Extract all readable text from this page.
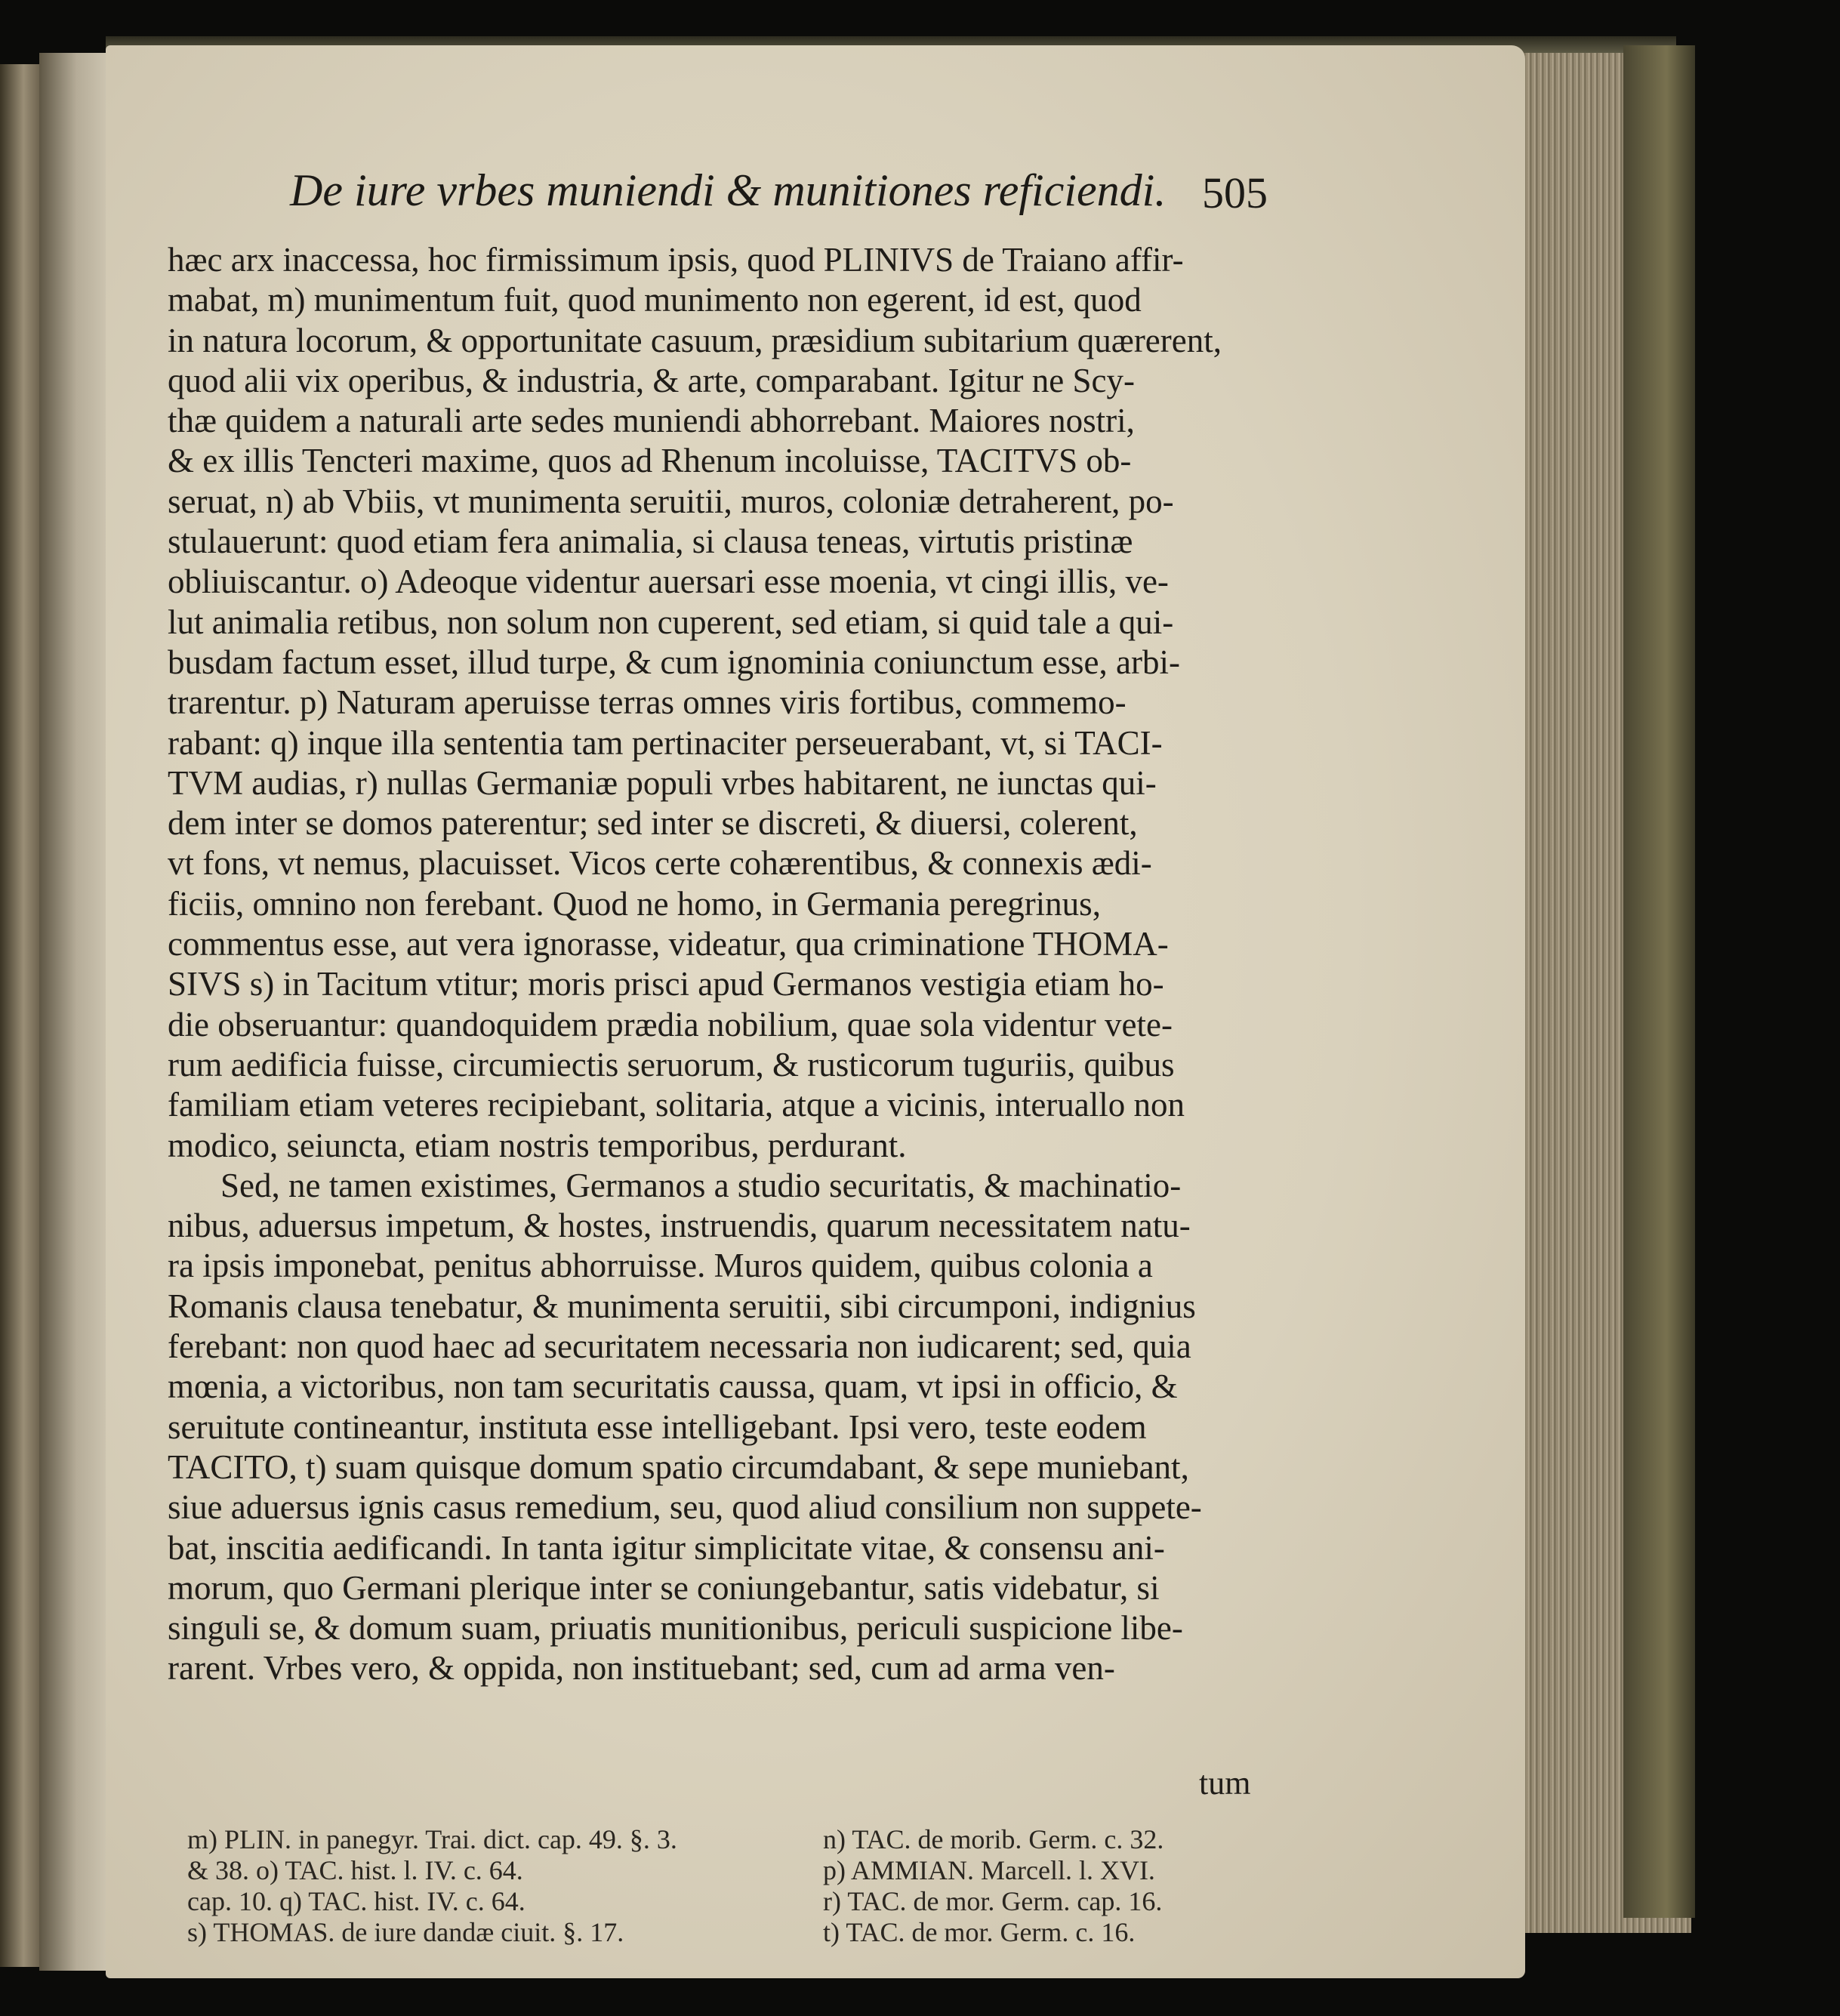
De iure vrbes muniendi & munitiones reficiendi. 505
hæc arx inaccessa, hoc firmissimum ipsis, quod PLINIVS de Traiano affir-
mabat, m) munimentum fuit, quod munimento non egerent, id est, quod
in natura locorum, & opportunitate casuum, præsidium subitarium quærerent,
quod alii vix operibus, & industria, & arte, comparabant. Igitur ne Scy-
thæ quidem a naturali arte sedes muniendi abhorrebant. Maiores nostri,
& ex illis Tencteri maxime, quos ad Rhenum incoluisse, TACITVS ob-
seruat, n) ab Vbiis, vt munimenta seruitii, muros, coloniæ detraherent, po-
stulauerunt: quod etiam fera animalia, si clausa teneas, virtutis pristinæ
obliuiscantur. o) Adeoque videntur auersari esse moenia, vt cingi illis, ve-
lut animalia retibus, non solum non cuperent, sed etiam, si quid tale a qui-
busdam factum esset, illud turpe, & cum ignominia coniunctum esse, arbi-
trarentur. p) Naturam aperuisse terras omnes viris fortibus, commemo-
rabant: q) inque illa sententia tam pertinaciter perseuerabant, vt, si TACI-
TVM audias, r) nullas Germaniæ populi vrbes habitarent, ne iunctas qui-
dem inter se domos paterentur; sed inter se discreti, & diuersi, colerent,
vt fons, vt nemus, placuisset. Vicos certe cohærentibus, & connexis ædi-
ficiis, omnino non ferebant. Quod ne homo, in Germania peregrinus,
commentus esse, aut vera ignorasse, videatur, qua criminatione THOMA-
SIVS s) in Tacitum vtitur; moris prisci apud Germanos vestigia etiam ho-
die obseruantur: quandoquidem prædia nobilium, quae sola videntur vete-
rum aedificia fuisse, circumiectis seruorum, & rusticorum tuguriis, quibus
familiam etiam veteres recipiebant, solitaria, atque a vicinis, interuallo non
modico, seiuncta, etiam nostris temporibus, perdurant.
Sed, ne tamen existimes, Germanos a studio securitatis, & machinatio-
nibus, aduersus impetum, & hostes, instruendis, quarum necessitatem natu-
ra ipsis imponebat, penitus abhorruisse. Muros quidem, quibus colonia a
Romanis clausa tenebatur, & munimenta seruitii, sibi circumponi, indignius
ferebant: non quod haec ad securitatem necessaria non iudicarent; sed, quia
mœnia, a victoribus, non tam securitatis caussa, quam, vt ipsi in officio, &
seruitute contineantur, instituta esse intelligebant. Ipsi vero, teste eodem
TACITO, t) suam quisque domum spatio circumdabant, & sepe muniebant,
siue aduersus ignis casus remedium, seu, quod aliud consilium non suppete-
bat, inscitia aedificandi. In tanta igitur simplicitate vitae, & consensu ani-
morum, quo Germani plerique inter se coniungebantur, satis videbatur, si
singuli se, & domum suam, priuatis munitionibus, periculi suspicione libe-
rarent. Vrbes vero, & oppida, non instituebant; sed, cum ad arma ven-
tum
m) PLIN. in panegyr. Trai. dict. cap. 49. §. 3.
& 38. o) TAC. hist. l. IV. c. 64.
cap. 10. q) TAC. hist. IV. c. 64.
s) THOMAS. de iure dandæ ciuit. §. 17.
n) TAC. de morib. Germ. c. 32.
p) AMMIAN. Marcell. l. XVI.
r) TAC. de mor. Germ. cap. 16.
t) TAC. de mor. Germ. c. 16.
